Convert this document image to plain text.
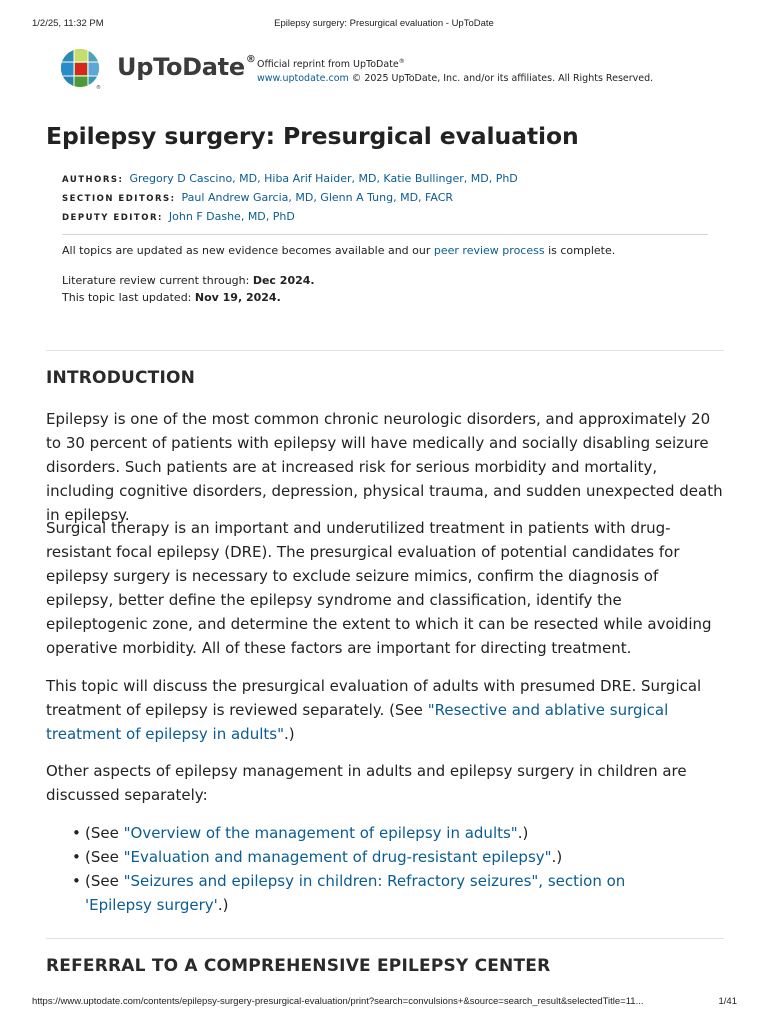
1/2/25, 11:32 PM	Epilepsy surgery: Presurgical evaluation - UpToDate
®
UpToDate® Official reprint from UpToDate®
www.uptodate.com © 2025 UpToDate, Inc. and/or its affiliates. All Rights Reserved.
Epilepsy surgery: Presurgical evaluation
AUTHORS: Gregory D Cascino, MD, Hiba Arif Haider, MD, Katie Bullinger, MD, PhD
SECTION EDITORS: Paul Andrew Garcia, MD, Glenn A Tung, MD, FACR
DEPUTY EDITOR: John F Dashe, MD, PhD
All topics are updated as new evidence becomes available and our peer review process is complete.
Literature review current through: Dec 2024.
This topic last updated: Nov 19, 2024.
INTRODUCTION

Epilepsy is one of the most common chronic neurologic disorders, and approximately 20 to 30 percent of patients with epilepsy will have medically and socially disabling seizure disorders. Such patients are at increased risk for serious morbidity and mortality, including cognitive disorders, depression, physical trauma, and sudden unexpected death in epilepsy.

Surgical therapy is an important and underutilized treatment in patients with drug-resistant focal epilepsy (DRE). The presurgical evaluation of potential candidates for epilepsy surgery is necessary to exclude seizure mimics, confirm the diagnosis of epilepsy, better define the epilepsy syndrome and classification, identify the epileptogenic zone, and determine the extent to which it can be resected while avoiding operative morbidity. All of these factors are important for directing treatment.

This topic will discuss the presurgical evaluation of adults with presumed DRE. Surgical treatment of epilepsy is reviewed separately. (See "Resective and ablative surgical treatment of epilepsy in adults".)

Other aspects of epilepsy management in adults and epilepsy surgery in children are discussed separately:

• (See "Overview of the management of epilepsy in adults".)
• (See "Evaluation and management of drug-resistant epilepsy".)
• (See "Seizures and epilepsy in children: Refractory seizures", section on 'Epilepsy surgery'.)
REFERRAL TO A COMPREHENSIVE EPILEPSY CENTER
https://www.uptodate.com/contents/epilepsy-surgery-presurgical-evaluation/print?search=convulsions+&source=search_result&selectedTitle=11...	1/41
